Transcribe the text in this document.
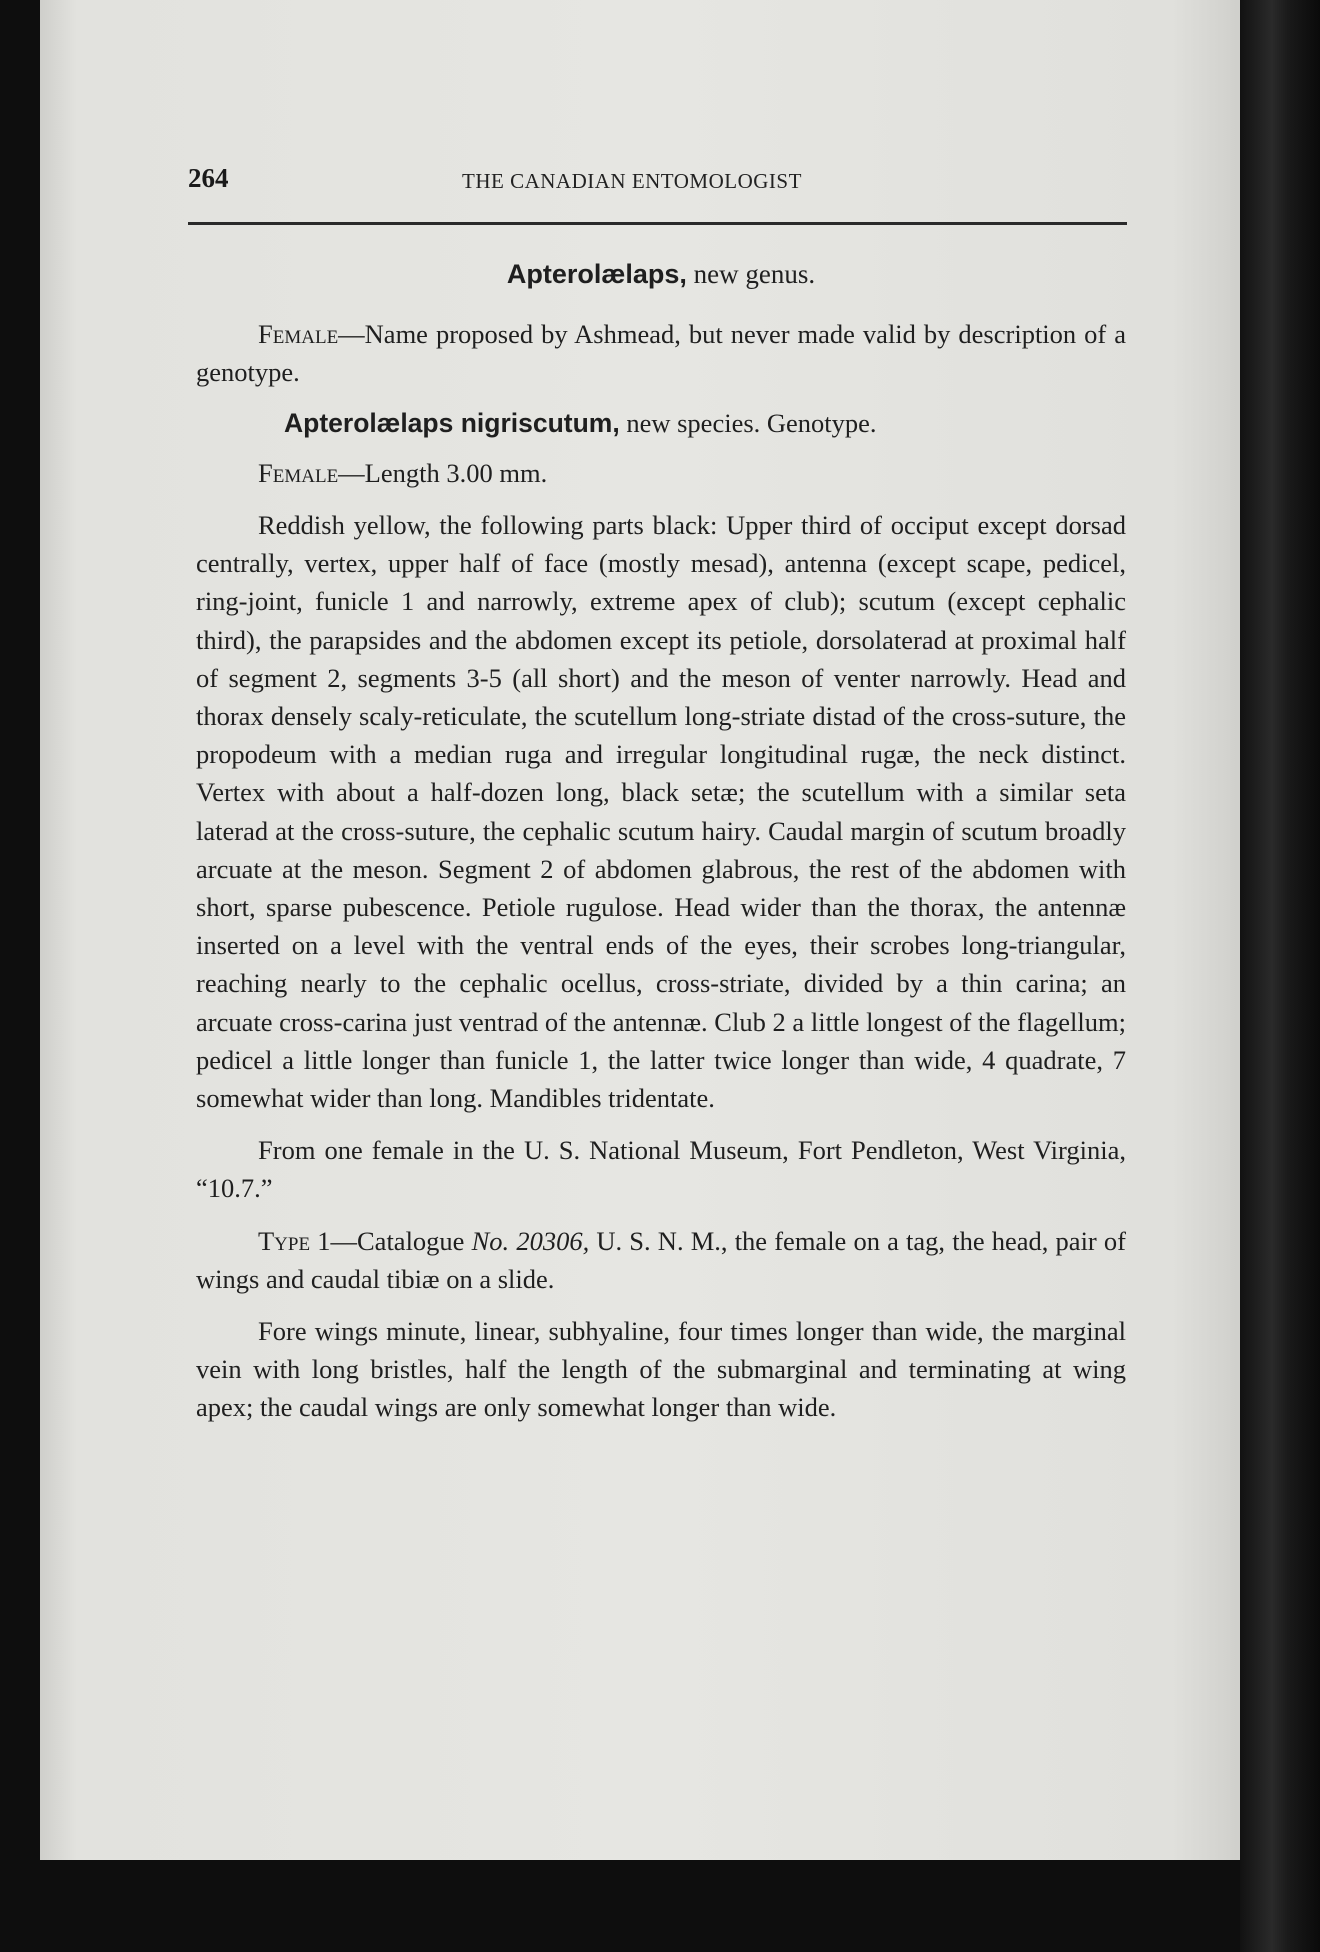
264	THE CANADIAN ENTOMOLOGIST
Apterolælaps, new genus.

Female—Name proposed by Ashmead, but never made valid by description of a genotype.

Apterolælaps nigriscutum, new species. Genotype.

Female—Length 3.00 mm.

Reddish yellow, the following parts black: Upper third of occiput except dorsad centrally, vertex, upper half of face (mostly mesad), antenna (except scape, pedicel, ring-joint, funicle 1 and narrowly, extreme apex of club); scutum (except cephalic third), the parapsides and the abdomen except its petiole, dorsolaterad at proximal half of segment 2, segments 3-5 (all short) and the meson of venter narrowly. Head and thorax densely scaly-reticulate, the scutellum long-striate distad of the cross-suture, the propodeum with a median ruga and irregular longitudinal rugæ, the neck distinct. Vertex with about a half-dozen long, black setæ; the scutellum with a similar seta laterad at the cross-suture, the cephalic scutum hairy. Caudal margin of scutum broadly arcuate at the meson. Segment 2 of abdomen glabrous, the rest of the abdomen with short, sparse pubescence. Petiole rugulose. Head wider than the thorax, the antennæ inserted on a level with the ventral ends of the eyes, their scrobes long-triangular, reaching nearly to the cephalic ocellus, cross-striate, divided by a thin carina; an arcuate cross-carina just ventrad of the antennæ. Club 2 a little longest of the flagellum; pedicel a little longer than funicle 1, the latter twice longer than wide, 4 quadrate, 7 somewhat wider than long. Mandibles tridentate.

From one female in the U. S. National Museum, Fort Pendleton, West Virginia, “10.7.”

Type 1—Catalogue No. 20306, U. S. N. M., the female on a tag, the head, pair of wings and caudal tibiæ on a slide.

Fore wings minute, linear, subhyaline, four times longer than wide, the marginal vein with long bristles, half the length of the submarginal and terminating at wing apex; the caudal wings are only somewhat longer than wide.
